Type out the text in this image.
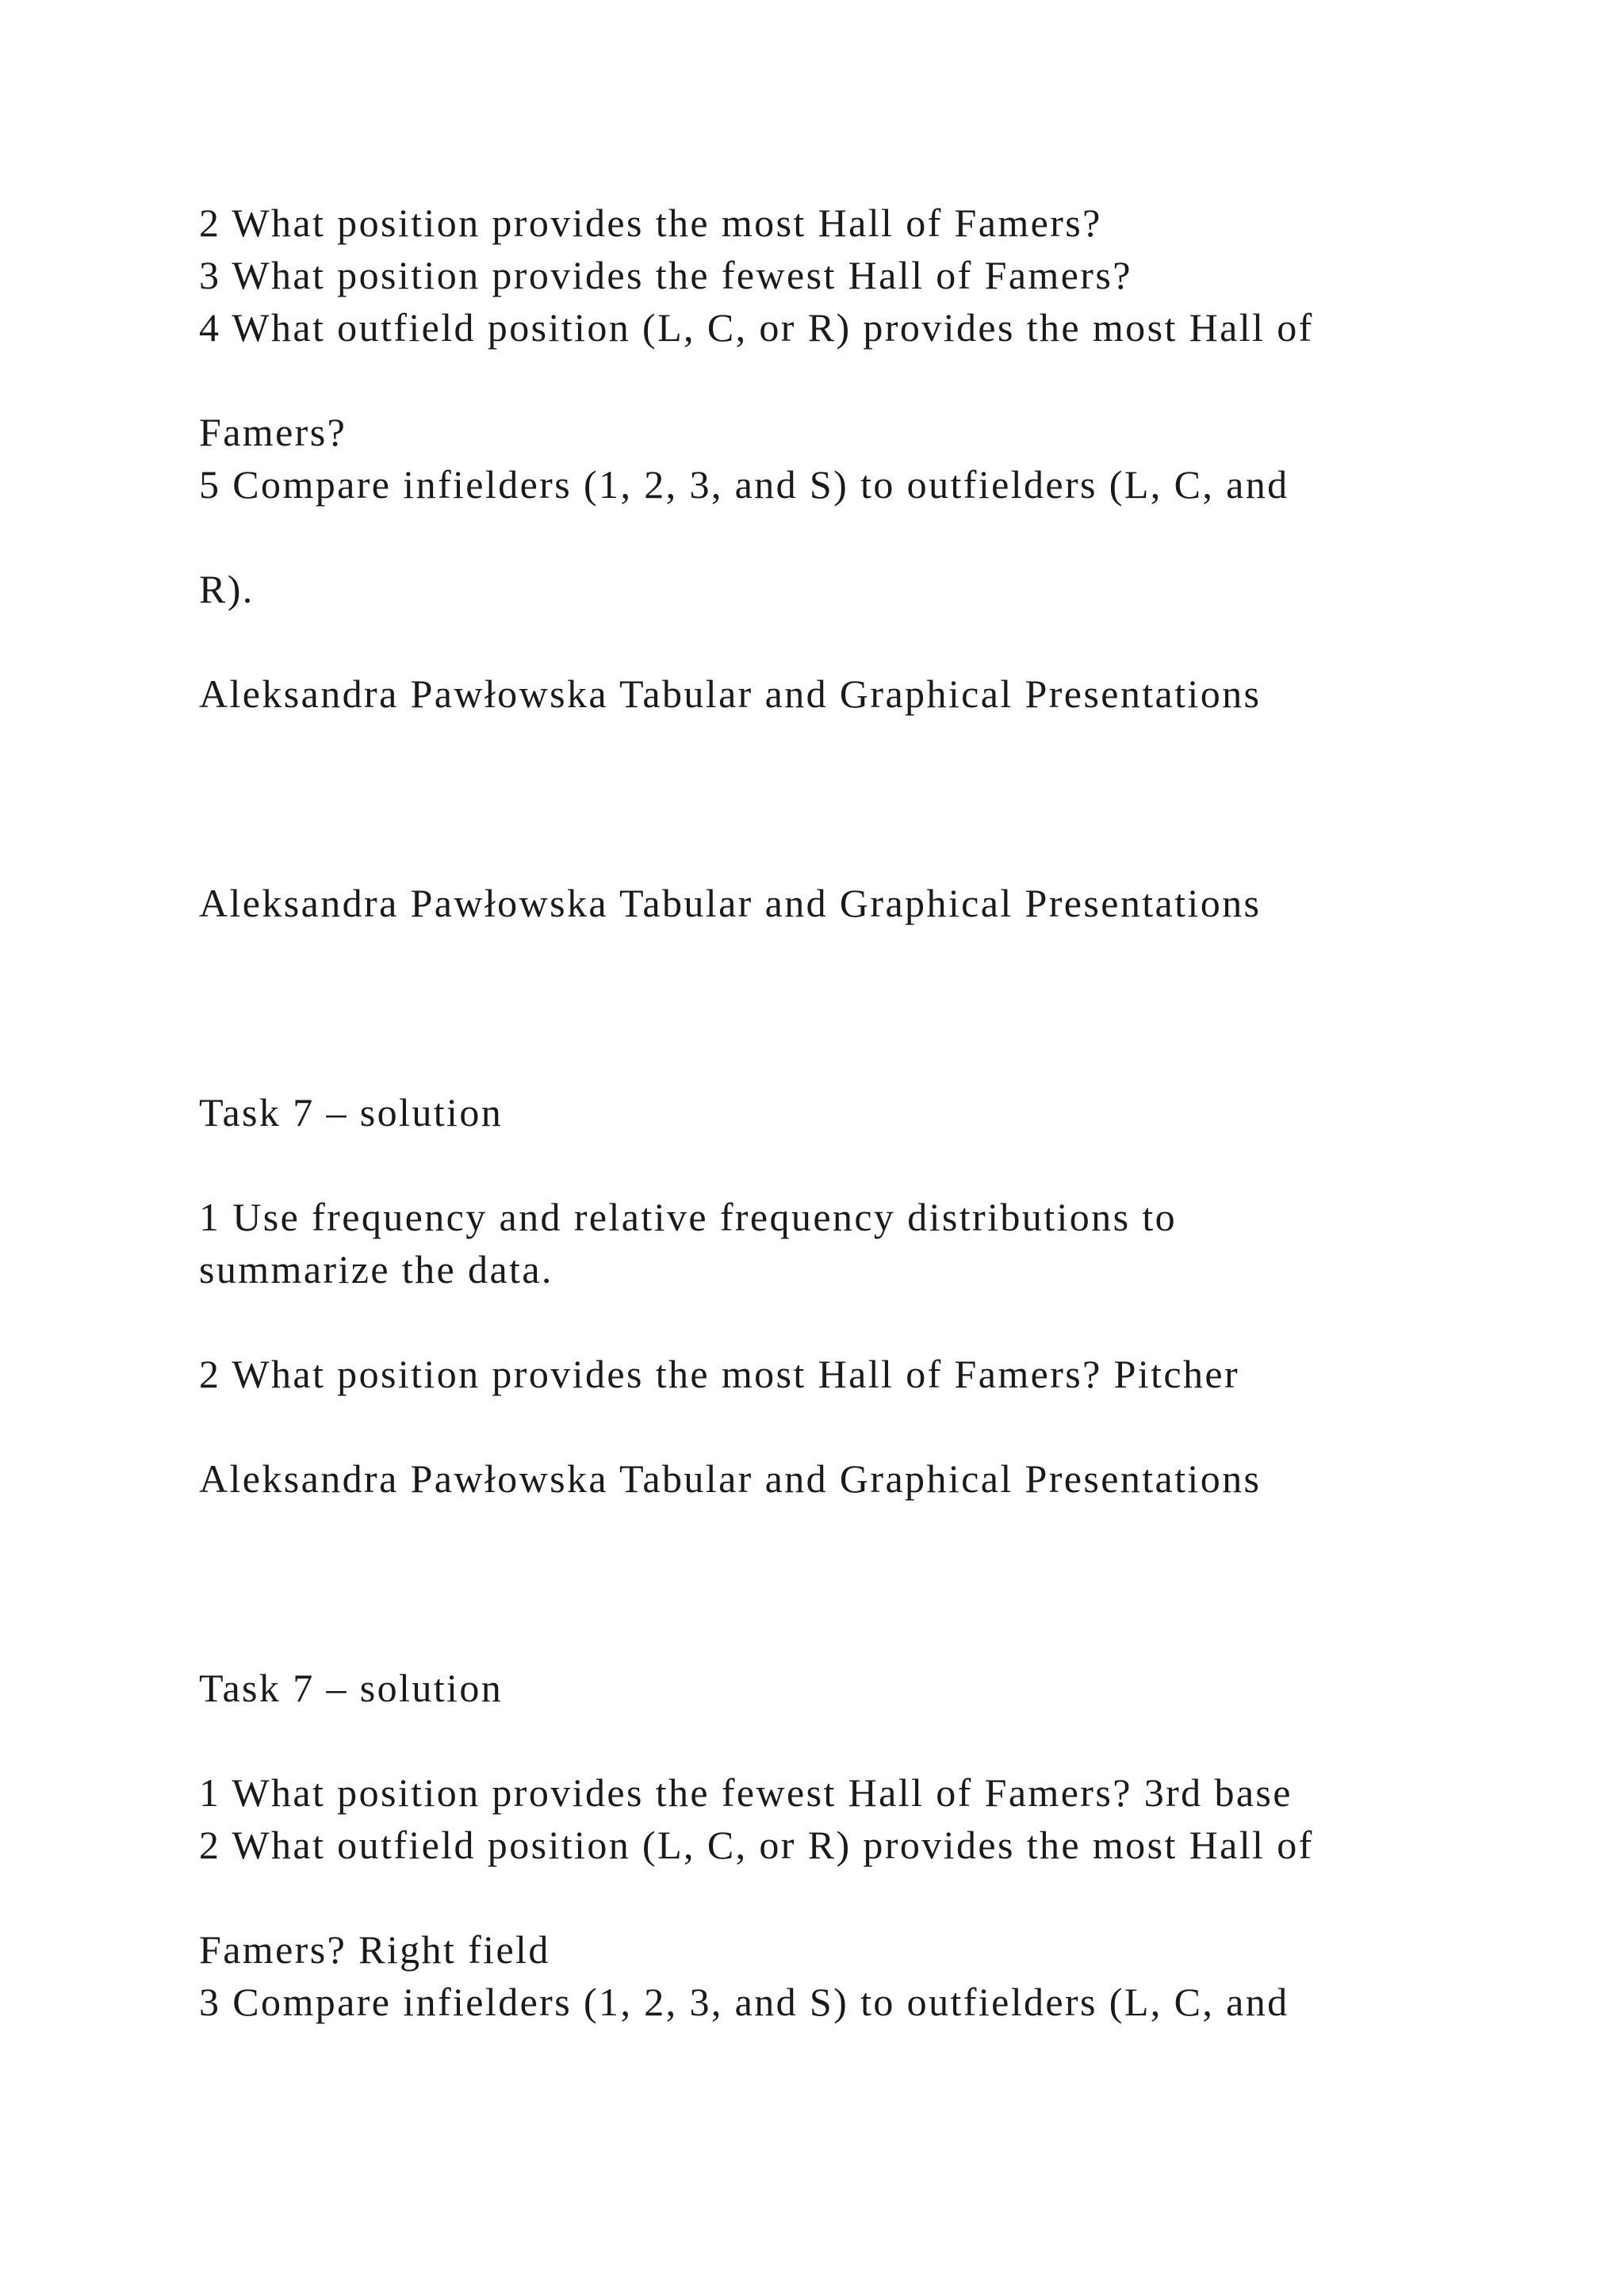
2 What position provides the most Hall of Famers?

3 What position provides the fewest Hall of Famers?

4 What outfield position (L, C, or R) provides the most Hall of

Famers?

5 Compare infielders (1, 2, 3, and S) to outfielders (L, C, and

R).

Aleksandra Pawłowska Tabular and Graphical Presentations

Aleksandra Pawłowska Tabular and Graphical Presentations

Task 7 – solution

1 Use frequency and relative frequency distributions to

summarize the data.

2 What position provides the most Hall of Famers? Pitcher

Aleksandra Pawłowska Tabular and Graphical Presentations

Task 7 – solution

1 What position provides the fewest Hall of Famers? 3rd base

2 What outfield position (L, C, or R) provides the most Hall of

Famers? Right field

3 Compare infielders (1, 2, 3, and S) to outfielders (L, C, and
